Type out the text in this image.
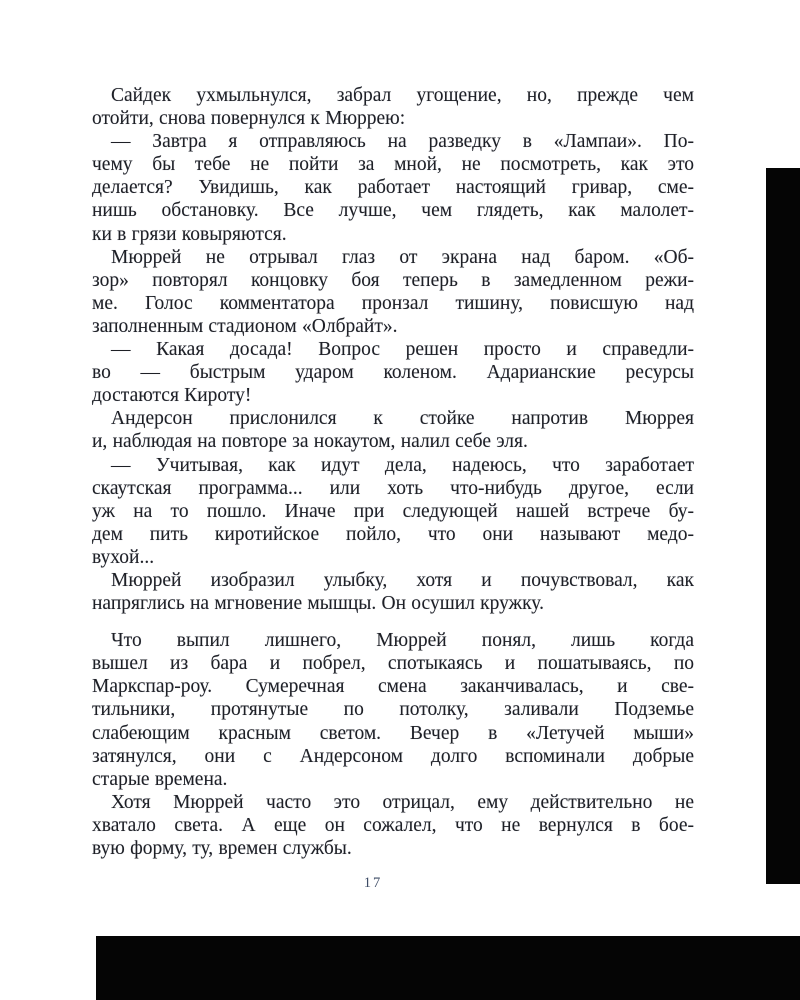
Сайдек ухмыльнулся, забрал угощение, но, прежде чем
отойти, снова повернулся к Мюррею:
— Завтра я отправляюсь на разведку в «Лампаи». По-
чему бы тебе не пойти за мной, не посмотреть, как это
делается? Увидишь, как работает настоящий гривар, сме-
нишь обстановку. Все лучше, чем глядеть, как малолет-
ки в грязи ковыряются.
Мюррей не отрывал глаз от экрана над баром. «Об-
зор» повторял концовку боя теперь в замедленном режи-
ме. Голос комментатора пронзал тишину, повисшую над
заполненным стадионом «Олбрайт».
— Какая досада! Вопрос решен просто и справедли-
во — быстрым ударом коленом. Адарианские ресурсы
достаются Кироту!
Андерсон прислонился к стойке напротив Мюррея
и, наблюдая на повторе за нокаутом, налил себе эля.
— Учитывая, как идут дела, надеюсь, что заработает
скаутская программа... или хоть что-нибудь другое, если
уж на то пошло. Иначе при следующей нашей встрече бу-
дем пить киротийское пойло, что они называют медо-
вухой...
Мюррей изобразил улыбку, хотя и почувствовал, как
напряглись на мгновение мышцы. Он осушил кружку.
Что выпил лишнего, Мюррей понял, лишь когда
вышел из бара и побрел, спотыкаясь и пошатываясь, по
Маркспар-роу. Сумеречная смена заканчивалась, и све-
тильники, протянутые по потолку, заливали Подземье
слабеющим красным светом. Вечер в «Летучей мыши»
затянулся, они с Андерсоном долго вспоминали добрые
старые времена.
Хотя Мюррей часто это отрицал, ему действительно не
хватало света. А еще он сожалел, что не вернулся в бое-
вую форму, ту, времен службы.
17
